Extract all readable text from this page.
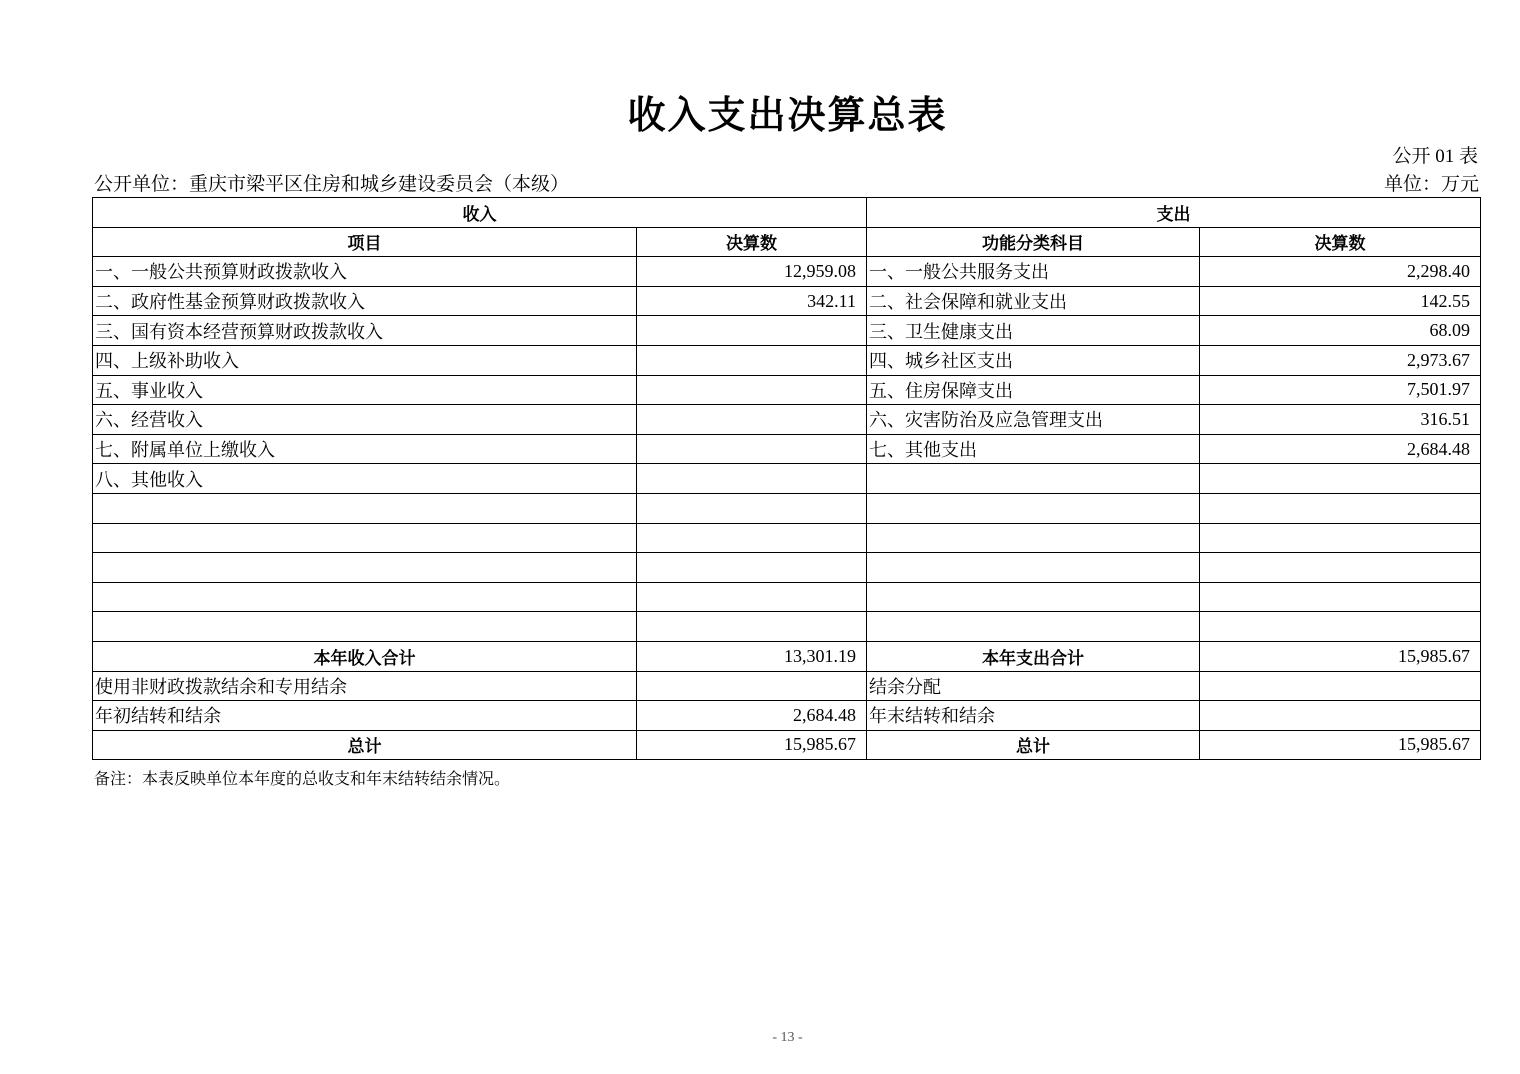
收入支出决算总表
公开 01 表
公开单位：重庆市梁平区住房和城乡建设委员会（本级）	单位：万元
收入		支出	
项目	决算数	功能分类科目	决算数
一、一般公共预算财政拨款收入	12,959.08	一、一般公共服务支出	2,298.40
二、政府性基金预算财政拨款收入	342.11	二、社会保障和就业支出	142.55
三、国有资本经营预算财政拨款收入		三、卫生健康支出	68.09
四、上级补助收入		四、城乡社区支出	2,973.67
五、事业收入		五、住房保障支出	7,501.97
六、经营收入		六、灾害防治及应急管理支出	316.51
七、附属单位上缴收入		七、其他支出	2,684.48
八、其他收入			

本年收入合计	13,301.19	本年支出合计	15,985.67
使用非财政拨款结余和专用结余		结余分配	
年初结转和结余	2,684.48	年末结转和结余	
总计	15,985.67	总计	15,985.67
备注：本表反映单位本年度的总收支和年末结转结余情况。
- 13 -
